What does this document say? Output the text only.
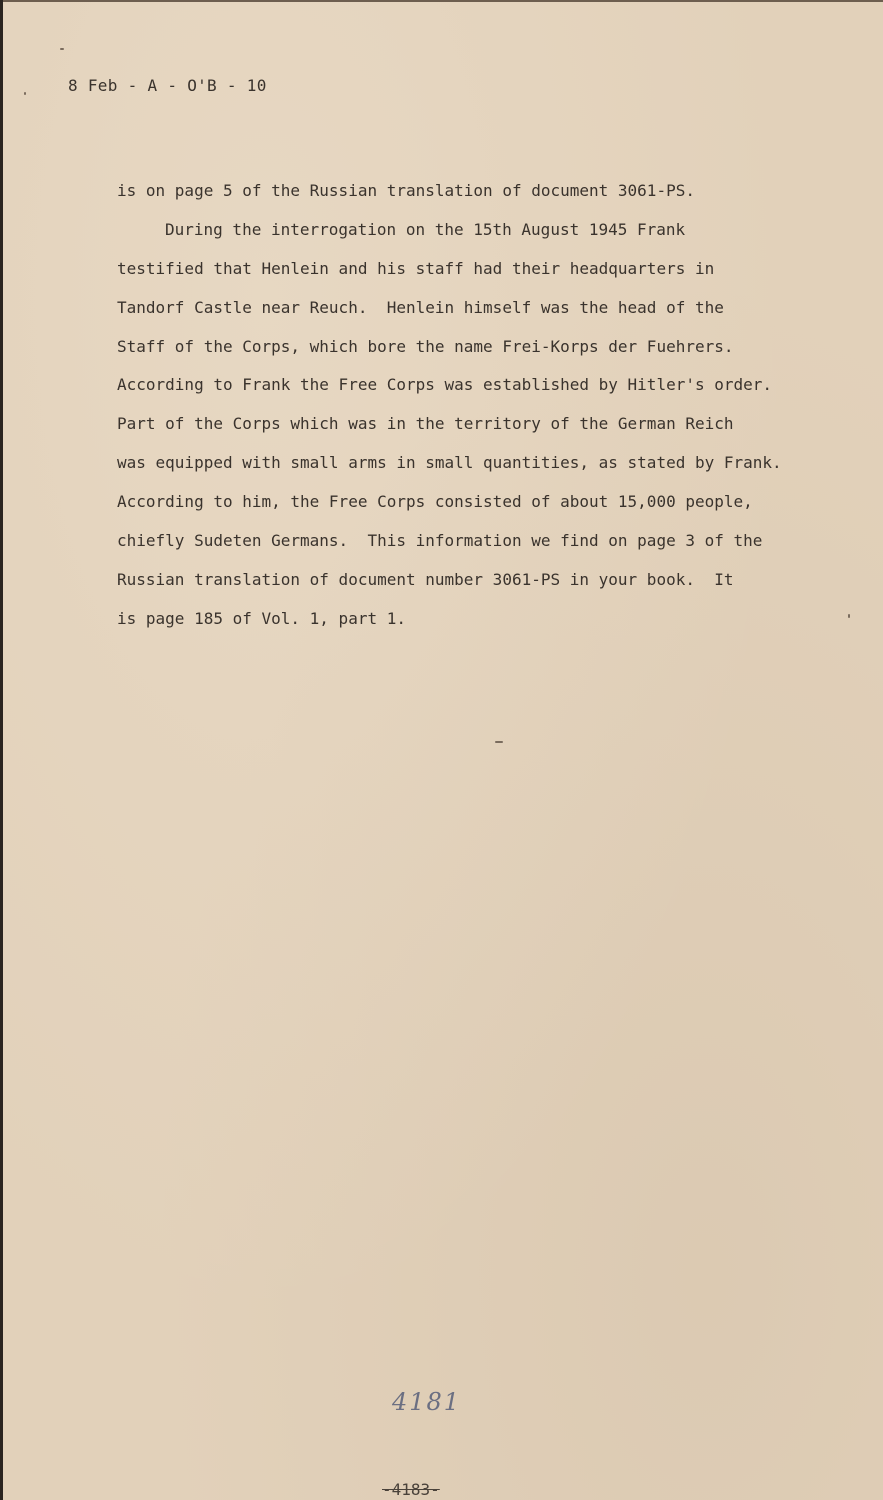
8 Feb - A - O'B - 10
is on page 5 of the Russian translation of document 3061-PS.
During the interrogation on the 15th August 1945 Frank
testified that Henlein and his staff had their headquarters in
Tandorf Castle near Reuch.  Henlein himself was the head of the
Staff of the Corps, which bore the name Frei-Korps der Fuehrers.
According to Frank the Free Corps was established by Hitler's order.
Part of the Corps which was in the territory of the German Reich
was equipped with small arms in small quantities, as stated by Frank.
According to him, the Free Corps consisted of about 15,000 people,
chiefly Sudeten Germans.  This information we find on page 3 of the
Russian translation of document number 3061-PS in your book.  It
is page 185 of Vol. 1, part 1.
4181
-4183-
